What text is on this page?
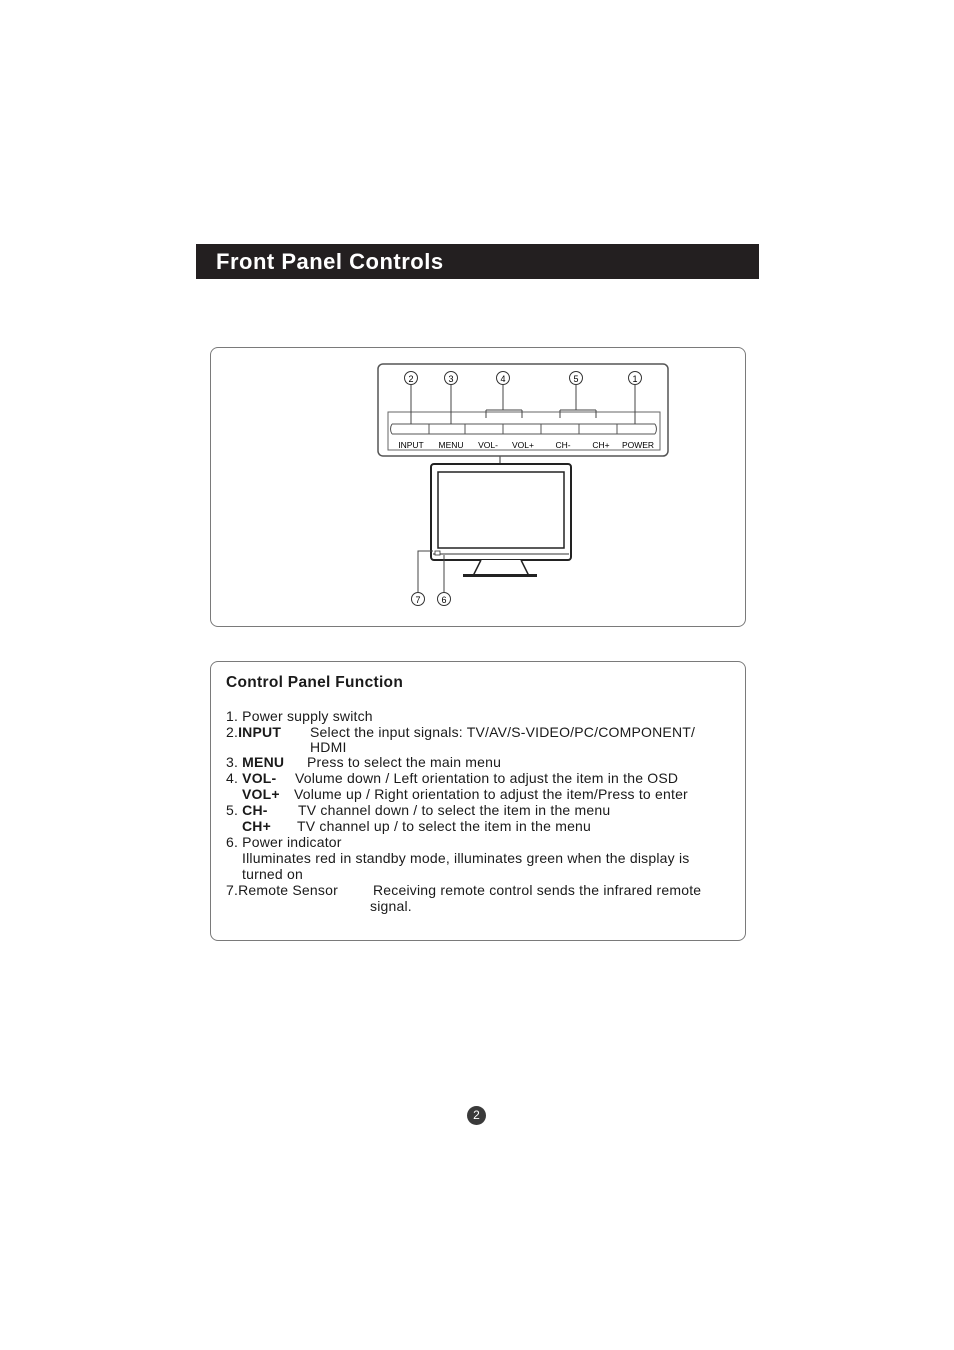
Front Panel Controls
2	3	4	5	1
INPUT MENU VOL- VOL+	CH-	CH+ POWER
7 6
Control Panel Function
1. Power supply switch
2.INPUT Select the input signals: TV/AV/S-VIDEO/PC/COMPONENT/
HDMI
3. MENU Press to select the main menu
4. VOL- Volume down / Left orientation to adjust the item in the OSD
VOL+ Volume up / Right orientation to adjust the item/Press to enter
5. CH- TV channel down / to select the item in the menu
CH+ TV channel up / to select the item in the menu
6. Power indicator
Illuminates red in standby mode, illuminates green when the display is
turned on
7.Remote Sensor	Receiving remote control sends the infrared remote
signal.
2
